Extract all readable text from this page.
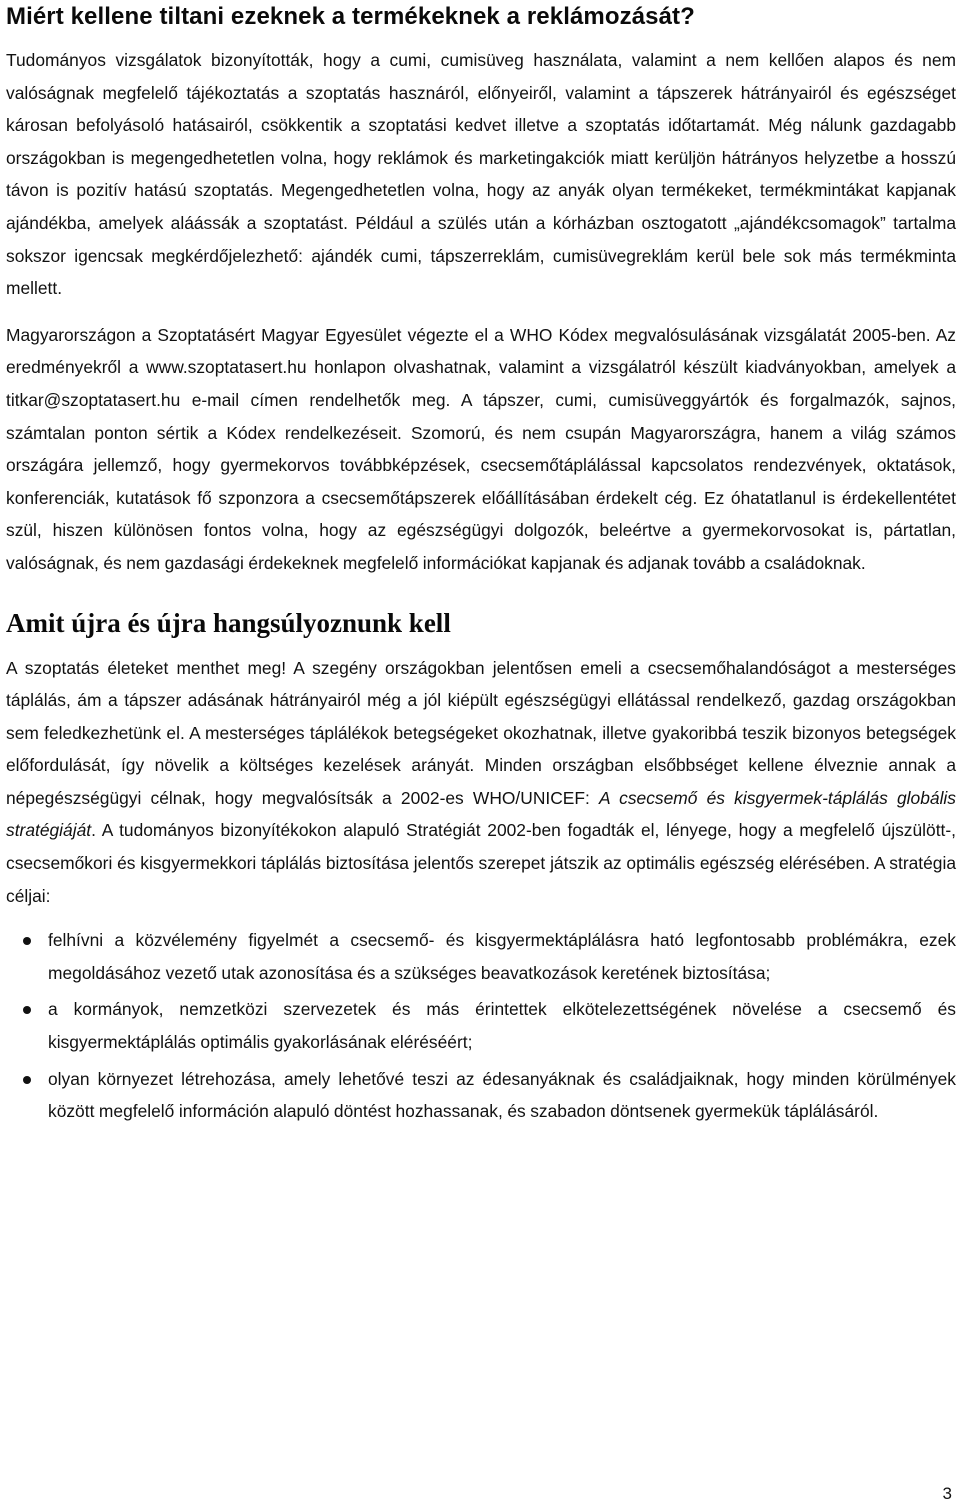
Miért kellene tiltani ezeknek a termékeknek a reklámozását?

Tudományos vizsgálatok bizonyították, hogy a cumi, cumisüveg használata, valamint a nem kellően alapos és nem valóságnak megfelelő tájékoztatás a szoptatás hasznáról, előnyeiről, valamint a tápszerek hátrányairól és egészséget károsan befolyásoló hatásairól, csökkentik a szoptatási kedvet illetve a szoptatás időtartamát. Még nálunk gazdagabb országokban is megengedhetetlen volna, hogy reklámok és marketingakciók miatt kerüljön hátrányos helyzetbe a hosszú távon is pozitív hatású szoptatás. Megengedhetetlen volna, hogy az anyák olyan termékeket, termékmintákat kapjanak ajándékba, amelyek aláássák a szoptatást. Például a szülés után a kórházban osztogatott „ajándékcsomagok” tartalma sokszor igencsak megkérdőjelezhető: ajándék cumi, tápszerreklám, cumisüvegreklám kerül bele sok más termékminta mellett.

Magyarországon a Szoptatásért Magyar Egyesület végezte el a WHO Kódex megvalósulásának vizsgálatát 2005-ben. Az eredményekről a www.szoptatasert.hu honlapon olvashatnak, valamint a vizsgálatról készült kiadványokban, amelyek a titkar@szoptatasert.hu e-mail címen rendelhetők meg. A tápszer, cumi, cumisüveggyártók és forgalmazók, sajnos, számtalan ponton sértik a Kódex rendelkezéseit. Szomorú, és nem csupán Magyarországra, hanem a világ számos országára jellemző, hogy gyermekorvos továbbképzések, csecsemőtáplálással kapcsolatos rendezvények, oktatások, konferenciák, kutatások fő szponzora a csecsemőtápszerek előállításában érdekelt cég. Ez óhatatlanul is érdekellentétet szül, hiszen különösen fontos volna, hogy az egészségügyi dolgozók, beleértve a gyermekorvosokat is, pártatlan, valóságnak, és nem gazdasági érdekeknek megfelelő információkat kapjanak és adjanak tovább a családoknak.

Amit újra és újra hangsúlyoznunk kell

A szoptatás életeket menthet meg! A szegény országokban jelentősen emeli a csecsemőhalandóságot a mesterséges táplálás, ám a tápszer adásának hátrányairól még a jól kiépült egészségügyi ellátással rendelkező, gazdag országokban sem feledkezhetünk el. A mesterséges táplálékok betegségeket okozhatnak, illetve gyakoribbá teszik bizonyos betegségek előfordulását, így növelik a költséges kezelések arányát. Minden országban elsőbbséget kellene élveznie annak a népegészségügyi célnak, hogy megvalósítsák a 2002-es WHO/UNICEF: A csecsemő és kisgyermek-táplálás globális stratégiáját. A tudományos bizonyítékokon alapuló Stratégiát 2002-ben fogadták el, lényege, hogy a megfelelő újszülött-, csecsemőkori és kisgyermekkori táplálás biztosítása jelentős szerepet játszik az optimális egészség elérésében. A stratégia céljai:

felhívni a közvélemény figyelmét a csecsemő- és kisgyermektáplálásra ható legfontosabb problémákra, ezek megoldásához vezető utak azonosítása és a szükséges beavatkozások keretének biztosítása;
a kormányok, nemzetközi szervezetek és más érintettek elkötelezettségének növelése a csecsemő és kisgyermektáplálás optimális gyakorlásának eléréséért;
olyan környezet létrehozása, amely lehetővé teszi az édesanyáknak és családjaiknak, hogy minden körülmények között megfelelő információn alapuló döntést hozhassanak, és szabadon döntsenek gyermekük táplálásáról.
3
